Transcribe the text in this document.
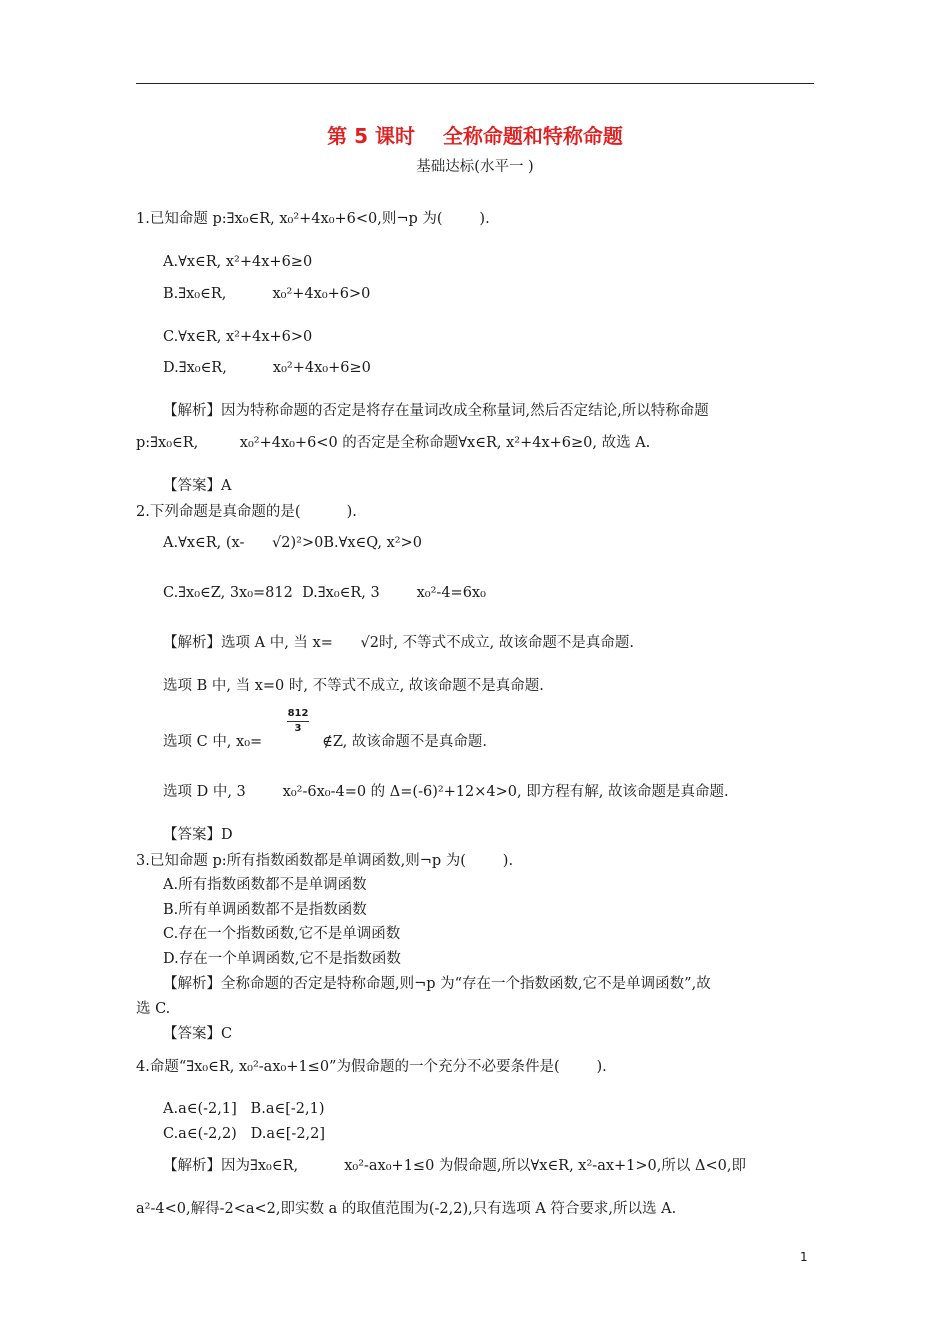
第 5 课时    全称命题和特称命题
基础达标(水平一 )
1.已知命题 p:∃x₀∈R, x₀²+4x₀+6<0,则¬p 为(        ).
A.∀x∈R, x²+4x+6≥0
B.∃x₀∈R,          x₀²+4x₀+6>0
C.∀x∈R, x²+4x+6>0
D.∃x₀∈R,          x₀²+4x₀+6≥0
【解析】因为特称命题的否定是将存在量词改成全称量词,然后否定结论,所以特称命题
p:∃x₀∈R,         x₀²+4x₀+6<0 的否定是全称命题∀x∈R, x²+4x+6≥0, 故选 A.
【答案】A
2.下列命题是真命题的是(          ).
A.∀x∈R, (x-      √2)²>0B.∀x∈Q, x²>0
C.∃x₀∈Z, 3x₀=812  D.∃x₀∈R, 3        x₀²-4=6x₀
【解析】选项 A 中, 当 x=      √2时, 不等式不成立, 故该命题不是真命题.
选项 B 中, 当 x=0 时, 不等式不成立, 故该命题不是真命题.
选项 C 中, x₀=             ∉Z, 故该命题不是真命题.
选项 D 中, 3        x₀²-6x₀-4=0 的 Δ=(-6)²+12×4>0, 即方程有解, 故该命题是真命题.
【答案】D
3.已知命题 p:所有指数函数都是单调函数,则¬p 为(        ).
A.所有指数函数都不是单调函数
B.所有单调函数都不是指数函数
C.存在一个指数函数,它不是单调函数
D.存在一个单调函数,它不是指数函数
【解析】全称命题的否定是特称命题,则¬p 为“存在一个指数函数,它不是单调函数”,故
选 C.
【答案】C
4.命题“∃x₀∈R, x₀²-ax₀+1≤0”为假命题的一个充分不必要条件是(        ).
A.a∈(-2,1]   B.a∈[-2,1)
C.a∈(-2,2)   D.a∈[-2,2]
【解析】因为∃x₀∈R,          x₀²-ax₀+1≤0 为假命题,所以∀x∈R, x²-ax+1>0,所以 Δ<0,即
a²-4<0,解得-2<a<2,即实数 a 的取值范围为(-2,2),只有选项 A 符合要求,所以选 A.
812
3
1
